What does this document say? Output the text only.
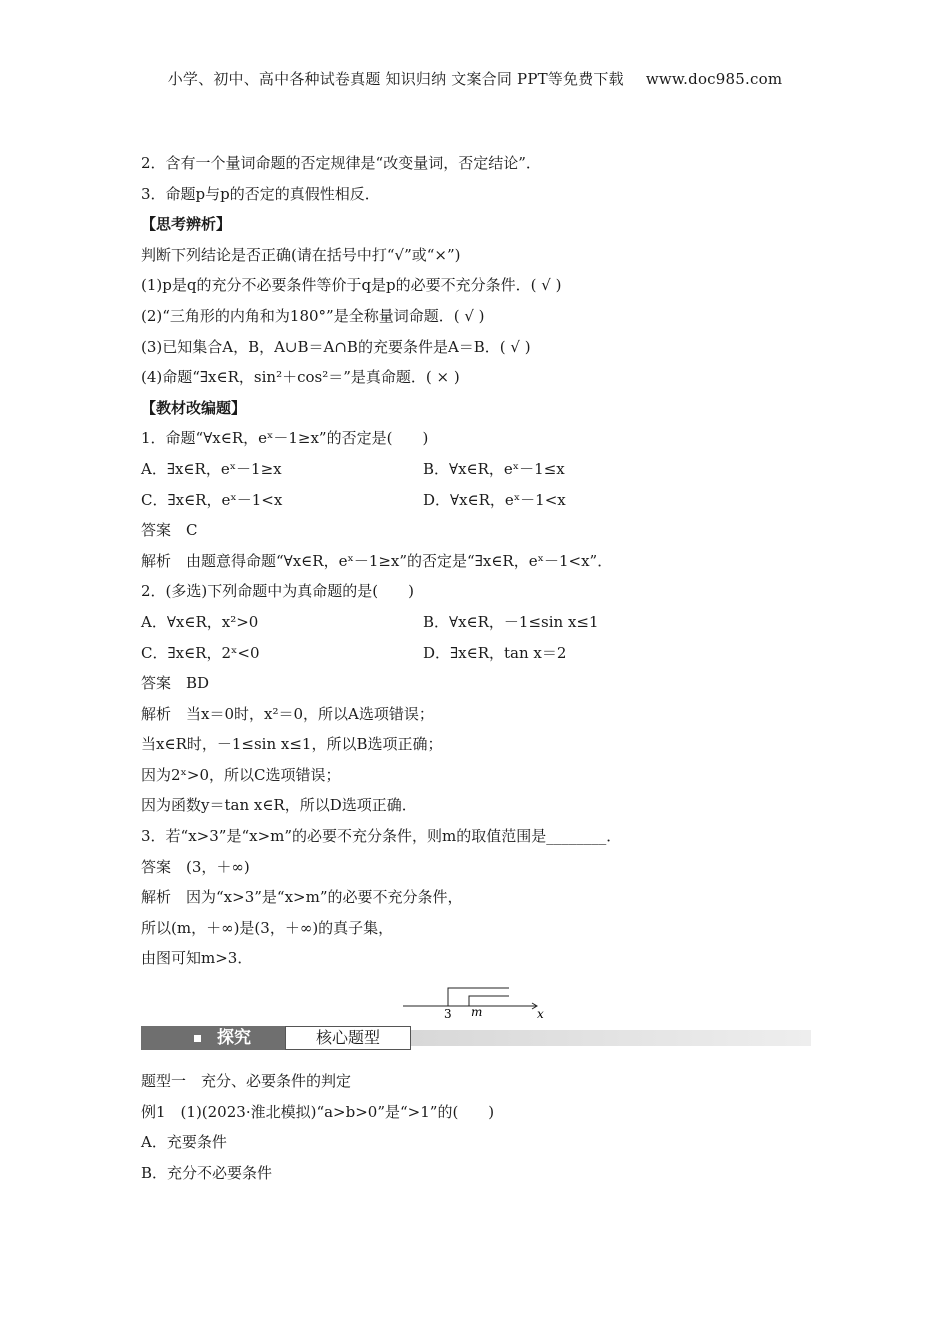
小学、初中、高中各种试卷真题 知识归纳 文案合同 PPT等免费下载 www.doc985.com
2．含有一个量词命题的否定规律是“改变量词，否定结论”．
3．命题p与p的否定的真假性相反．
【思考辨析】
判断下列结论是否正确(请在括号中打“√”或“×”)
(1)p是q的充分不必要条件等价于q是p的必要不充分条件．( √ )
(2)“三角形的内角和为180°”是全称量词命题．( √ )
(3)已知集合A，B，A∪B＝A∩B的充要条件是A＝B．( √ )
(4)命题“∃x∈R，sin²＋cos²＝”是真命题．( × )
【教材改编题】
1．命题“∀x∈R，eˣ－1≥x”的否定是(　　)
A．∃x∈R，eˣ－1≥x	B．∀x∈R，eˣ－1≤x
C．∃x∈R，eˣ－1<x	D．∀x∈R，eˣ－1<x
答案　C
解析　由题意得命题“∀x∈R，eˣ－1≥x”的否定是“∃x∈R，eˣ－1<x”．
2．(多选)下列命题中为真命题的是(　　)
A．∀x∈R，x²>0	B．∀x∈R，－1≤sin x≤1
C．∃x∈R，2ˣ<0	D．∃x∈R，tan x＝2
答案　BD
解析　当x＝0时，x²＝0，所以A选项错误；
当x∈R时，－1≤sin x≤1，所以B选项正确；
因为2ˣ>0，所以C选项错误；
因为函数y＝tan x∈R，所以D选项正确．
3．若“x>3”是“x>m”的必要不充分条件，则m的取值范围是________．
答案　(3，＋∞)
解析　因为“x>3”是“x>m”的必要不充分条件，
所以(m，＋∞)是(3，＋∞)的真子集，
由图可知m>3．
3 m	x
探究	核心题型
题型一　充分、必要条件的判定
例1　(1)(2023·淮北模拟)“a>b>0”是“>1”的(　　)
A．充要条件
B．充分不必要条件
